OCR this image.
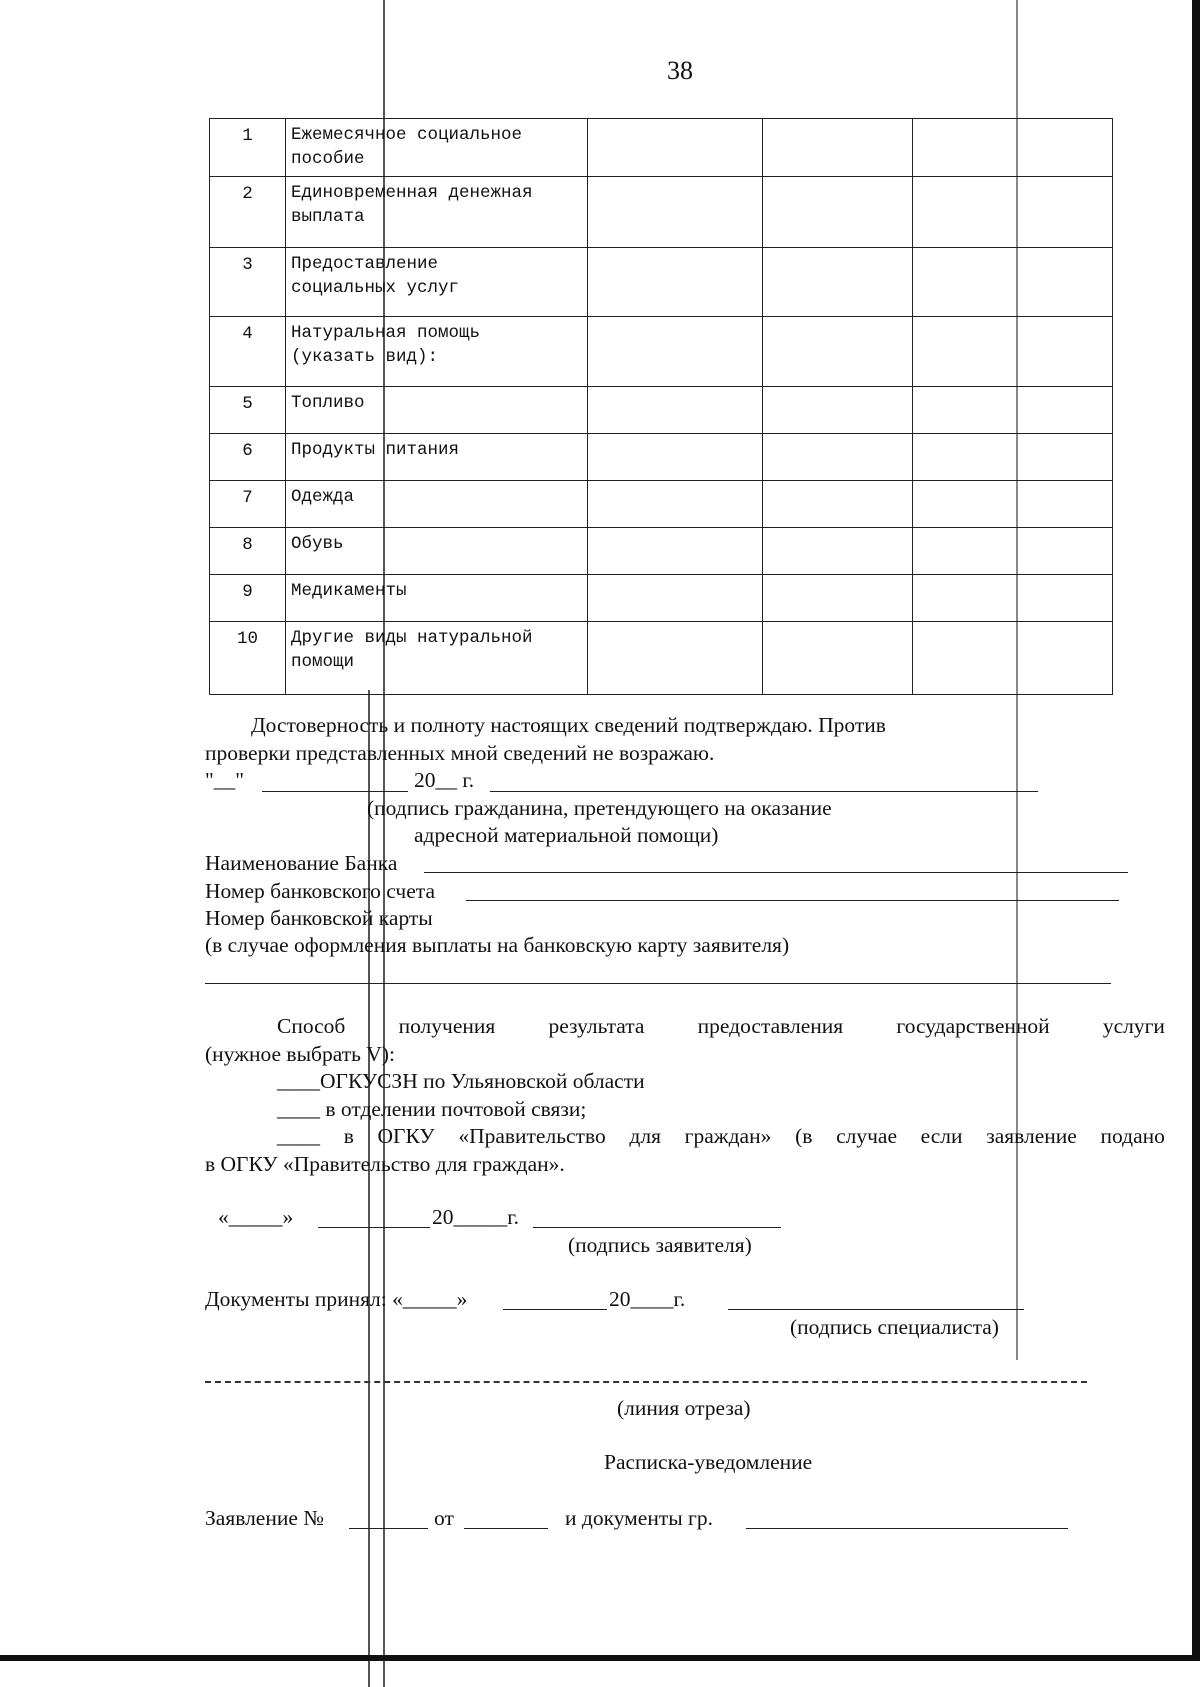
38
1	Ежемесячное социальное
пособие			

2	Единовременная денежная
выплата			

3	Предоставление
социальных услуг			

4	Натуральная помощь
(указать вид):			

5	Топливо			

6	Продукты питания			

7	Одежда			

8	Обувь			

9	Медикаменты			

10	Другие виды натуральной
помощи			

Достоверность и полноту настоящих сведений подтверждаю. Против
проверки представленных мной сведений не возражаю.
"__"	20__ г.
(подпись гражданина, претендующего на оказание
адресной материальной помощи)
Наименование Банка
Номер банковского счета
Номер банковской карты
(в случае оформления выплаты на банковскую карту заявителя)
Способ получения результата предоставления государственной услуги
(нужное выбрать V):
____ОГКУСЗН по Ульяновской области
____ в отделении почтовой связи;
____ в ОГКУ «Правительство для граждан» (в случае если заявление подано
в ОГКУ «Правительство для граждан».
«_____»	20_____г.
(подпись заявителя)
Документы принял: «_____»	20____г.
(подпись специалиста)
(линия отреза)
Расписка-уведомление
Заявление №	от	и документы гр.
